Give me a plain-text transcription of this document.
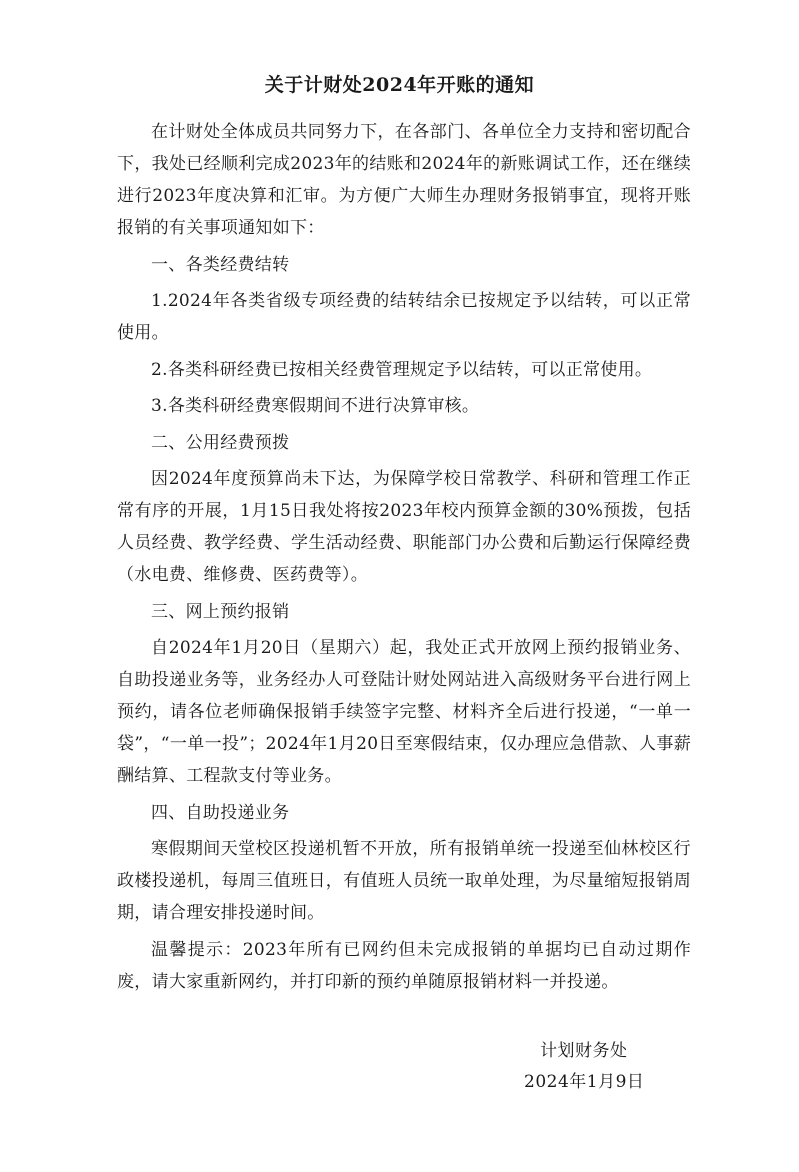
关于计财处2024年开账的通知

在计财处全体成员共同努力下，在各部门、各单位全力支持和密切配合下，我处已经顺利完成2023年的结账和2024年的新账调试工作，还在继续进行2023年度决算和汇审。为方便广大师生办理财务报销事宜，现将开账报销的有关事项通知如下：

一、各类经费结转

1.2024年各类省级专项经费的结转结余已按规定予以结转，可以正常使用。

2.各类科研经费已按相关经费管理规定予以结转，可以正常使用。

3.各类科研经费寒假期间不进行决算审核。

二、公用经费预拨

因2024年度预算尚未下达，为保障学校日常教学、科研和管理工作正常有序的开展，1月15日我处将按2023年校内预算金额的30%预拨，包括人员经费、教学经费、学生活动经费、职能部门办公费和后勤运行保障经费（水电费、维修费、医药费等）。

三、网上预约报销

自2024年1月20日（星期六）起，我处正式开放网上预约报销业务、自助投递业务等，业务经办人可登陆计财处网站进入高级财务平台进行网上预约，请各位老师确保报销手续签字完整、材料齐全后进行投递，“一单一袋”，“一单一投”；2024年1月20日至寒假结束，仅办理应急借款、人事薪酬结算、工程款支付等业务。

四、自助投递业务

寒假期间天堂校区投递机暂不开放，所有报销单统一投递至仙林校区行政楼投递机，每周三值班日，有值班人员统一取单处理，为尽量缩短报销周期，请合理安排投递时间。

温馨提示：2023年所有已网约但未完成报销的单据均已自动过期作废，请大家重新网约，并打印新的预约单随原报销材料一并投递。

计划财务处
2024年1月9日
